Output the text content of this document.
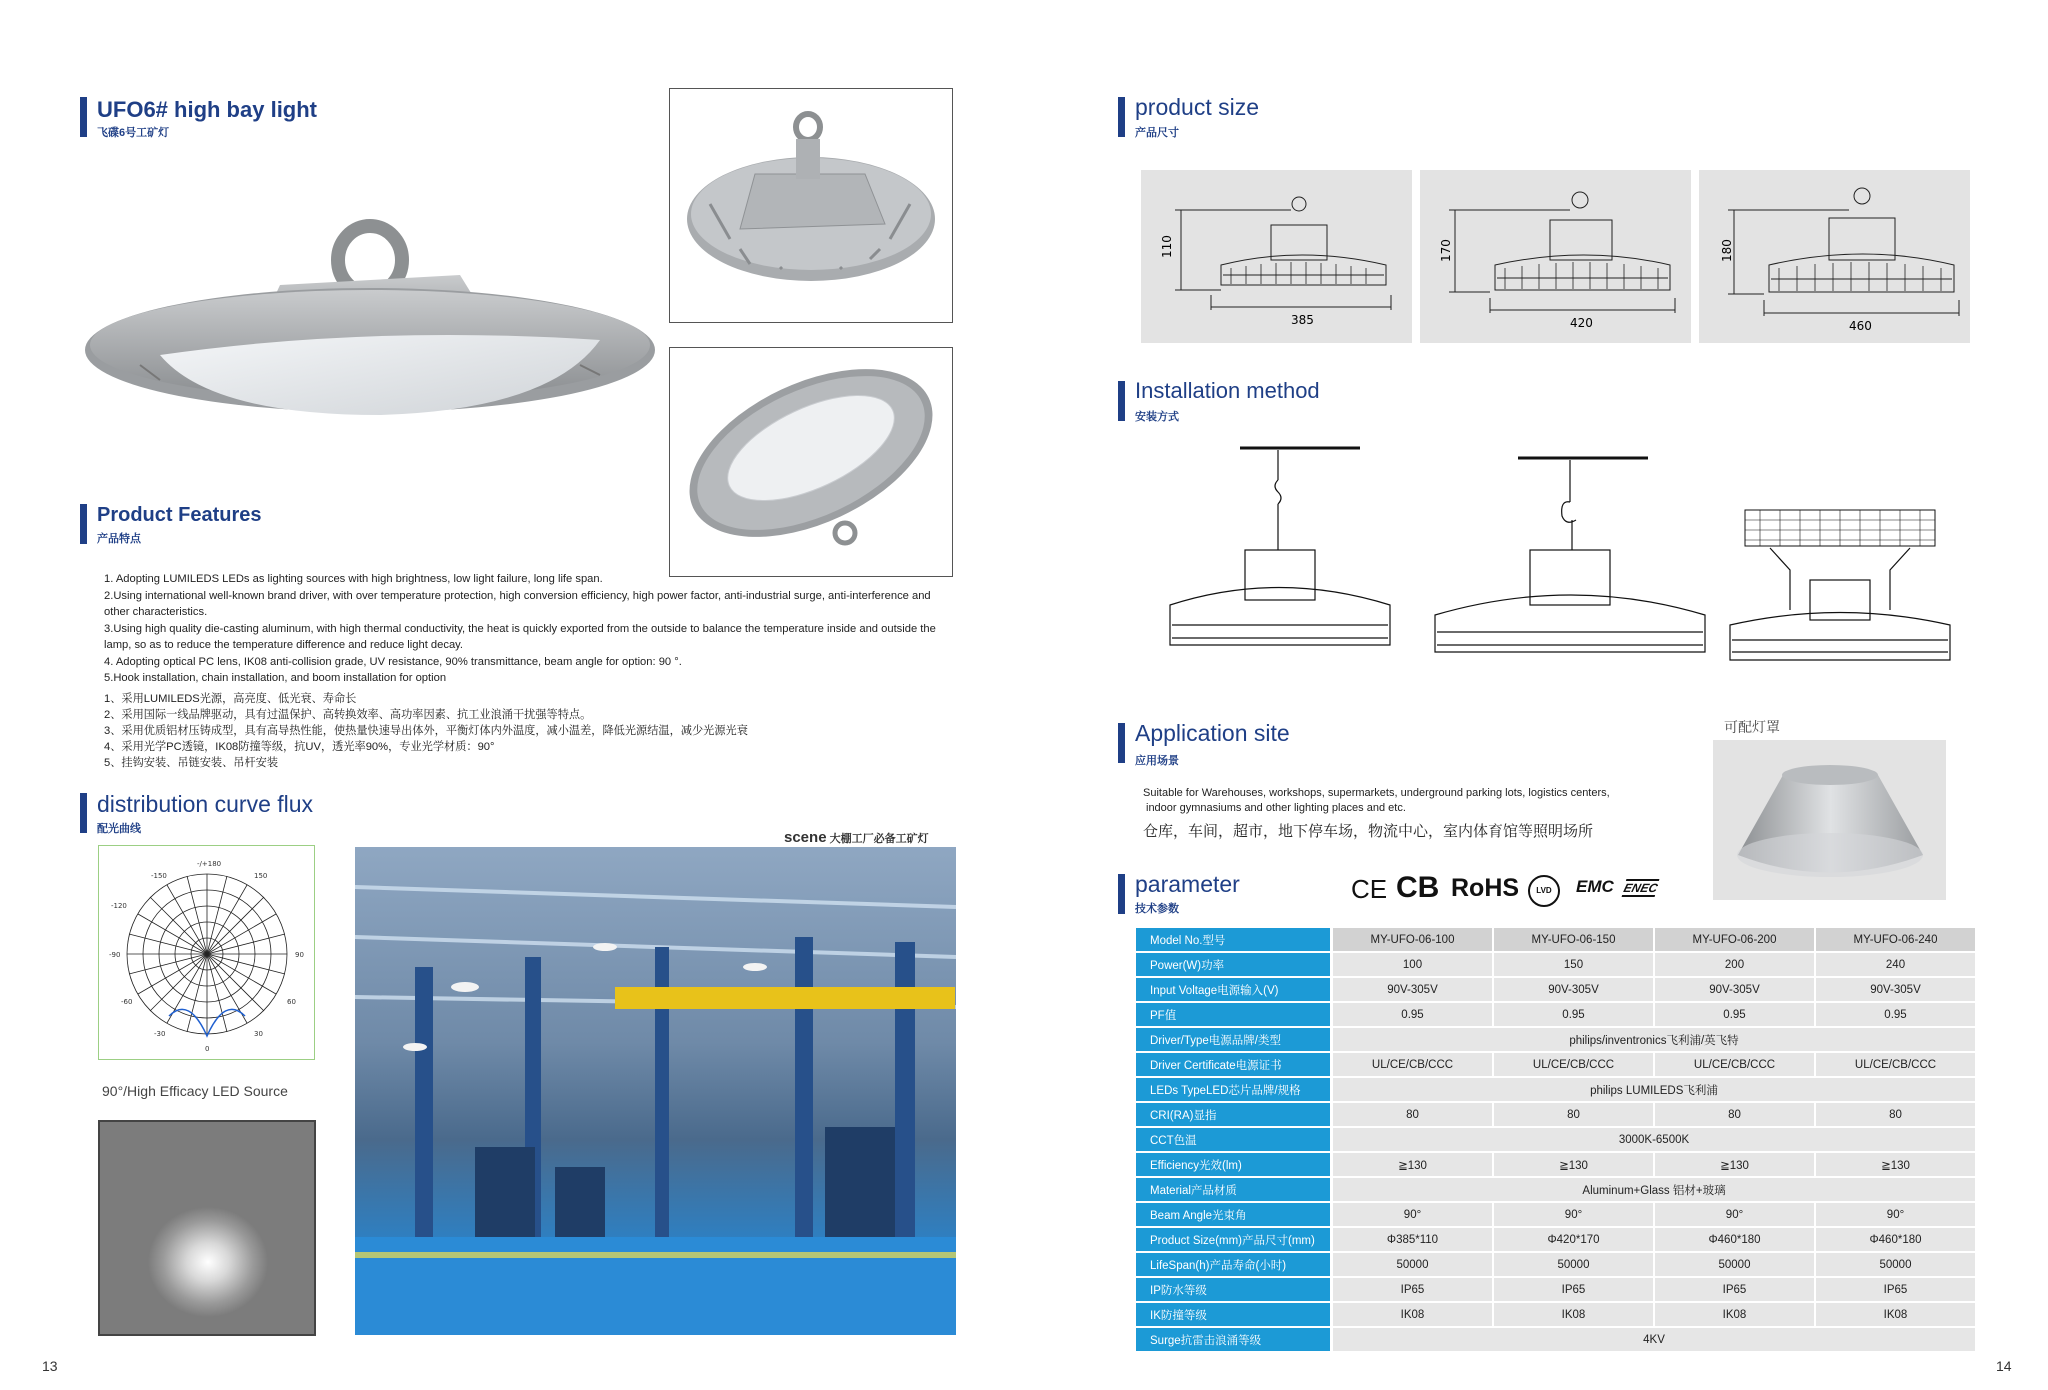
UFO6# high bay light
飞碟6号工矿灯
Product Features
产品特点
1. Adopting LUMILEDS LEDs as lighting sources with high brightness, low light failure, long life span.
2.Using international well-known brand driver, with over temperature protection, high conversion efficiency, high power factor, anti-industrial surge, anti-interference and
other characteristics.
3.Using high quality die-casting aluminum, with high thermal conductivity, the heat is quickly exported from the outside to balance the temperature inside and outside the
lamp, so as to reduce the temperature difference and reduce light decay.
4. Adopting optical PC lens, IK08 anti-collision grade, UV resistance, 90% transmittance, beam angle for option: 90 °.
5.Hook installation, chain installation, and boom installation for option
1、采用LUMILEDS光源，高亮度、低光衰、寿命长
2、采用国际一线品牌驱动，具有过温保护、高转换效率、高功率因素、抗工业浪涌干扰强等特点。
3、采用优质铝材压铸成型，具有高导热性能，使热量快速导出体外，平衡灯体内外温度，减小温差，降低光源结温，减少光源光衰
4、采用光学PC透镜，IK08防撞等级，抗UV，透光率90%，专业光学材质：90°
5、挂钩安装、吊链安装、吊杆安装
distribution curve flux
配光曲线
-/+180
-150	150
-120
-90	90
-60	60
-30	30
0
90°/High Efficacy LED Source
scene 大棚工厂必备工矿灯
13
product size
产品尺寸
110
385
170
420
180
460
Installation method
安装方式
Application site
应用场景
Suitable for Warehouses, workshops, supermarkets, underground parking lots, logistics centers,
indoor gymnasiums and other lighting places and etc.
仓库，车间，超市，地下停车场，物流中心，室内体育馆等照明场所
可配灯罩
parameter
技术参数
CE CB RoHS	LVD	EMC ENEC
Model No.型号	MY-UFO-06-100	MY-UFO-06-150	MY-UFO-06-200	MY-UFO-06-240
Power(W)功率	100	150	200	240
Input Voltage电源输入(V)	90V-305V	90V-305V	90V-305V	90V-305V
PF值	0.95	0.95	0.95	0.95
Driver/Type电源品牌/类型	philips/inventronics飞利浦/英飞特			
Driver Certificate电源证书	UL/CE/CB/CCC	UL/CE/CB/CCC	UL/CE/CB/CCC	UL/CE/CB/CCC
LEDs TypeLED芯片品牌/规格	philips LUMILEDS飞利浦			
CRI(RA)显指	80	80	80	80
CCT色温	3000K-6500K			
Efficiency光效(lm)	≧130	≧130	≧130	≧130
Material产品材质	Aluminum+Glass 铝材+玻璃			
Beam Angle光束角	90°	90°	90°	90°
Product Size(mm)产品尺寸(mm)	Φ385*110	Φ420*170	Φ460*180	Φ460*180
LifeSpan(h)产品寿命(小时)	50000	50000	50000	50000
IP防水等级	IP65	IP65	IP65	IP65
IK防撞等级	IK08	IK08	IK08	IK08
Surge抗雷击浪涌等级	4KV			
14
